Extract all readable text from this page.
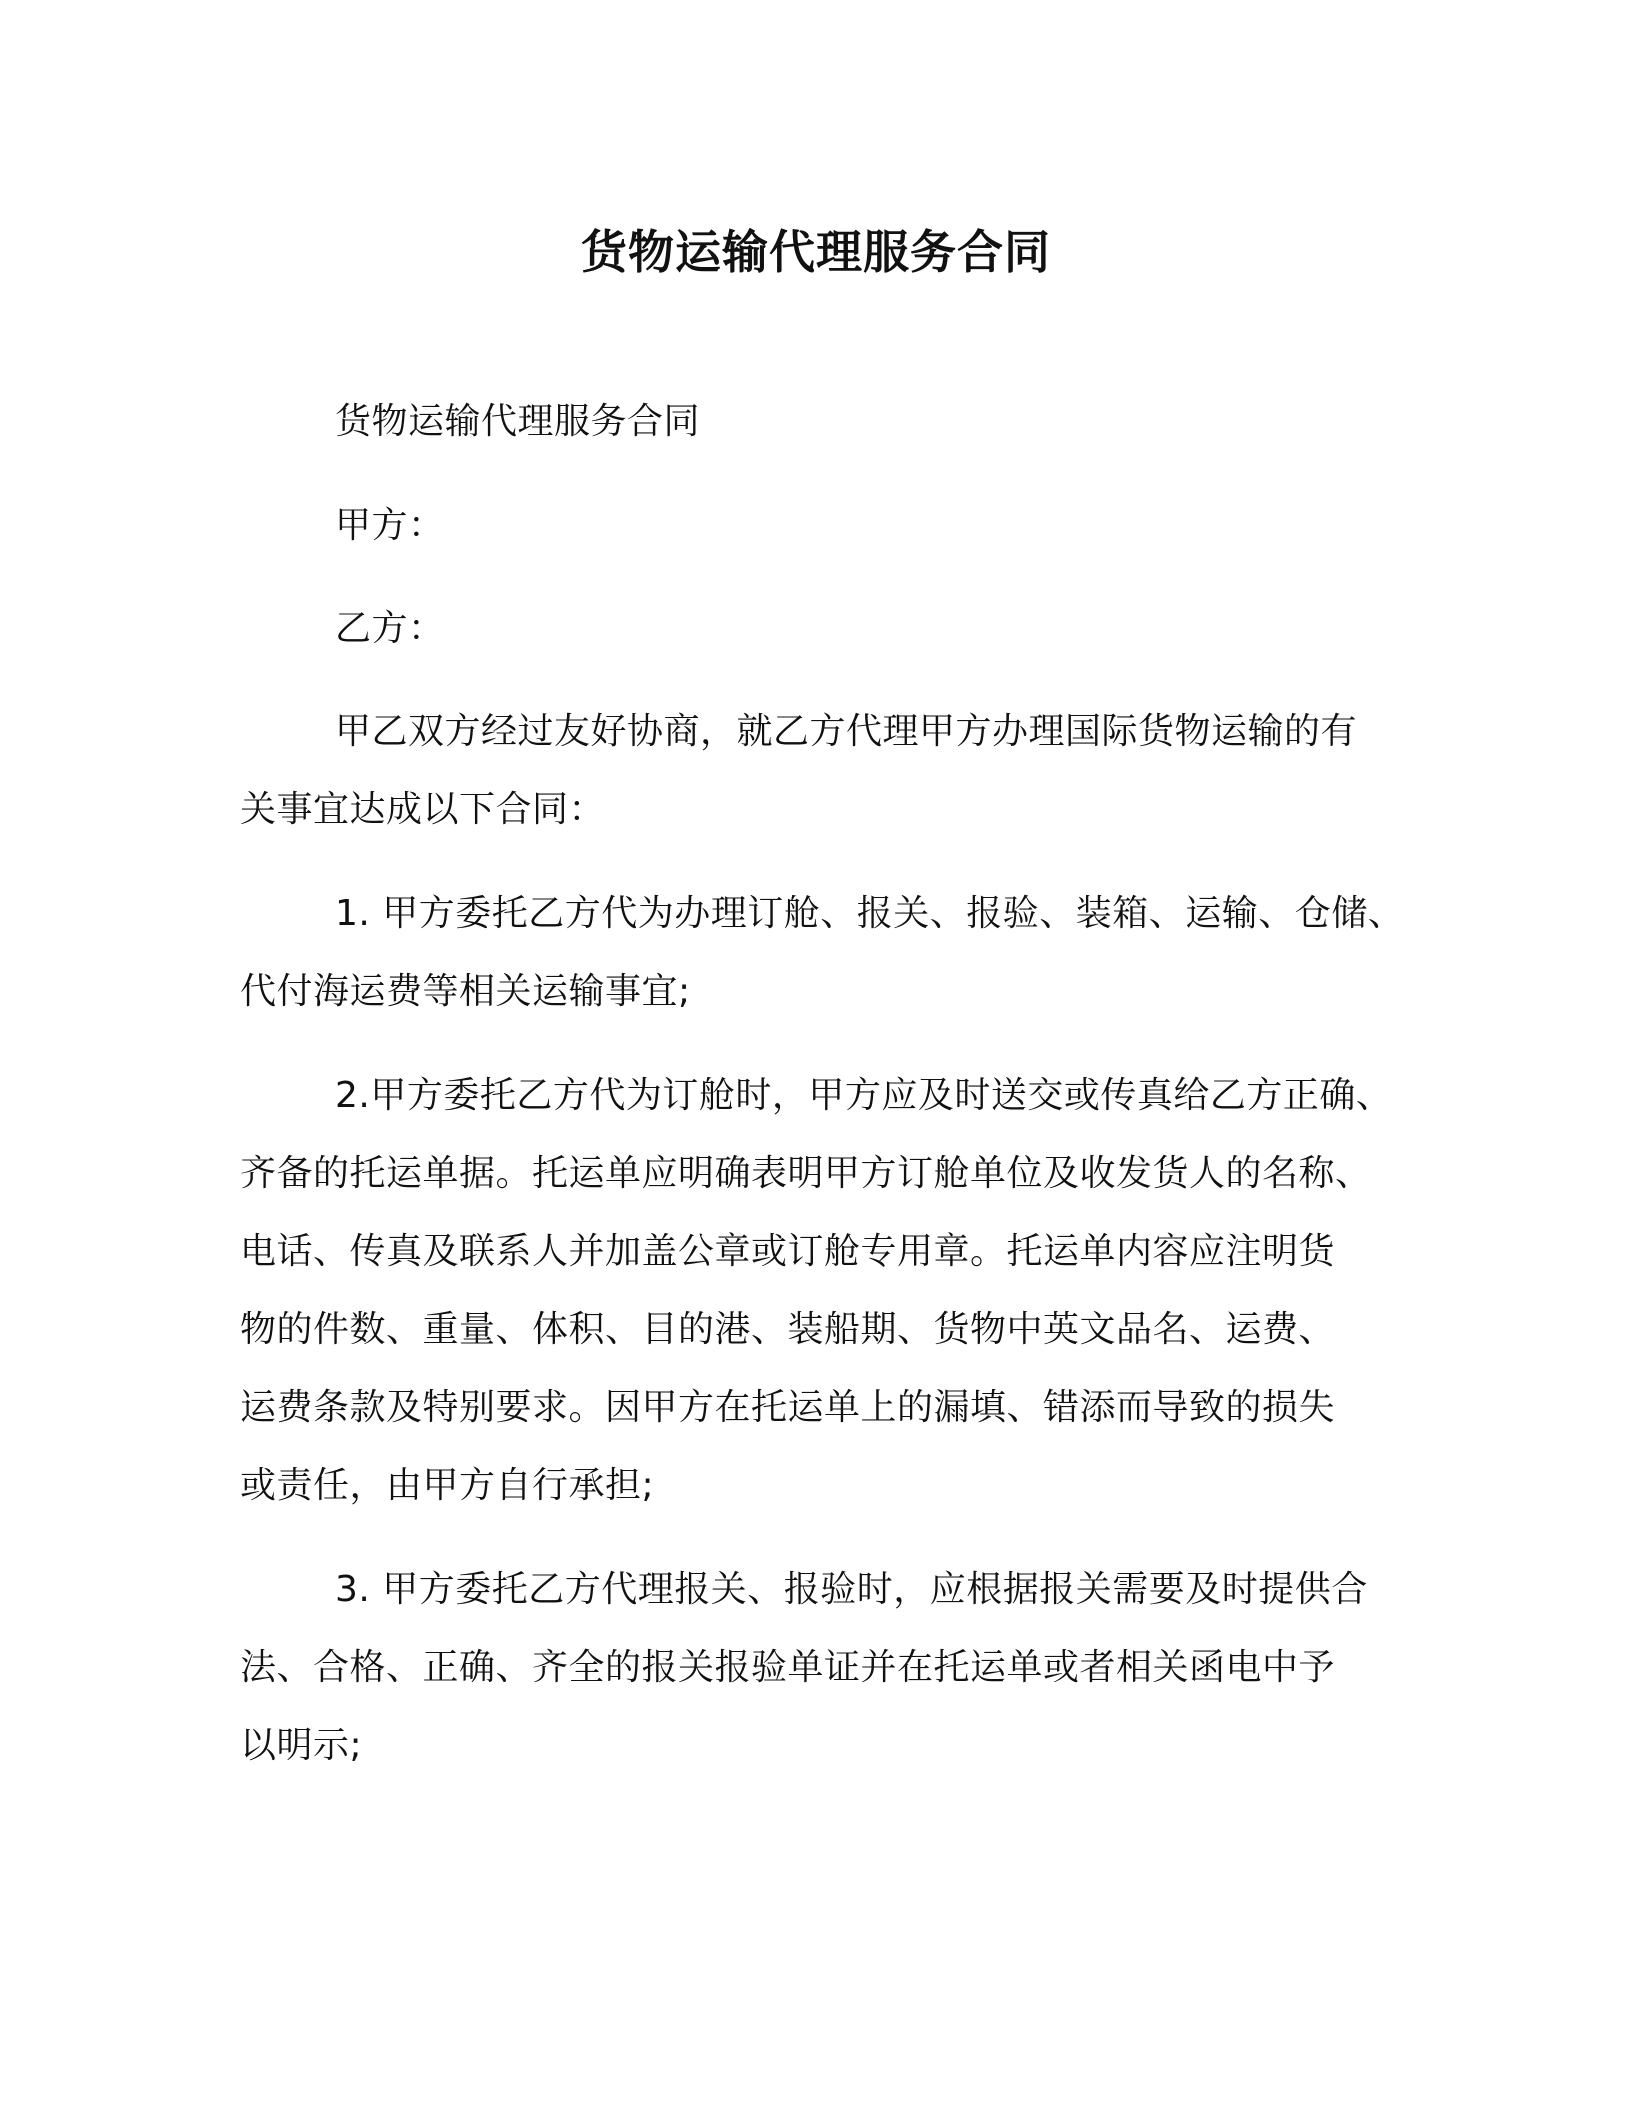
货物运输代理服务合同
货物运输代理服务合同
甲方：
乙方：
甲乙双方经过友好协商，就乙方代理甲方办理国际货物运输的有
关事宜达成以下合同：
1. 甲方委托乙方代为办理订舱、报关、报验、装箱、运输、仓储、
代付海运费等相关运输事宜;
2.甲方委托乙方代为订舱时，甲方应及时送交或传真给乙方正确、
齐备的托运单据。托运单应明确表明甲方订舱单位及收发货人的名称、
电话、传真及联系人并加盖公章或订舱专用章。托运单内容应注明货
物的件数、重量、体积、目的港、装船期、货物中英文品名、运费、
运费条款及特别要求。因甲方在托运单上的漏填、错添而导致的损失
或责任，由甲方自行承担;
3. 甲方委托乙方代理报关、报验时，应根据报关需要及时提供合
法、合格、正确、齐全的报关报验单证并在托运单或者相关函电中予
以明示;
